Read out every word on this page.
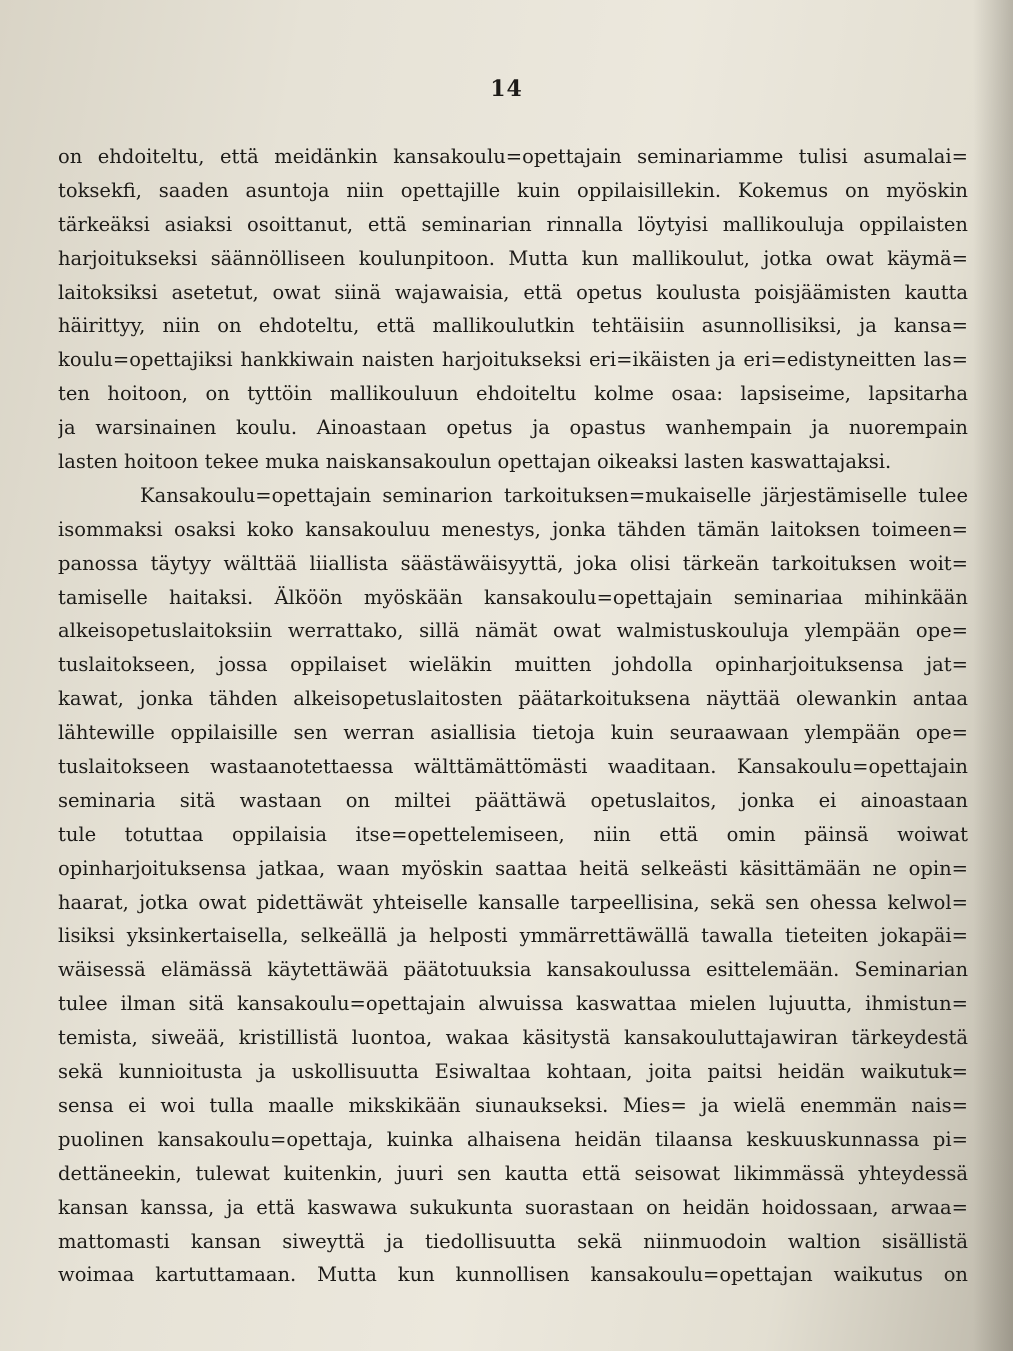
14
on ehdoiteltu, että meidänkin kansakoulu=opettajain seminariamme tulisi asumalai=
toksekfi, saaden asuntoja niin opettajille kuin oppilaisillekin. Kokemus on myöskin
tärkeäksi asiaksi osoittanut, että seminarian rinnalla löytyisi mallikouluja oppilaisten
harjoitukseksi säännölliseen koulunpitoon. Mutta kun mallikoulut, jotka owat käymä=
laitoksiksi asetetut, owat siinä wajawaisia, että opetus koulusta poisjäämisten kautta
häirittyy, niin on ehdoteltu, että mallikoulutkin tehtäisiin asunnollisiksi, ja kansa=
koulu=opettajiksi hankkiwain naisten harjoitukseksi eri=ikäisten ja eri=edistyneitten las=
ten hoitoon, on tyttöin mallikouluun ehdoiteltu kolme osaa: lapsiseime, lapsitarha
ja warsinainen koulu. Ainoastaan opetus ja opastus wanhempain ja nuorempain
lasten hoitoon tekee muka naiskansakoulun opettajan oikeaksi lasten kaswattajaksi.
Kansakoulu=opettajain seminarion tarkoituksen=mukaiselle järjestämiselle tulee
isommaksi osaksi koko kansakouluu menestys, jonka tähden tämän laitoksen toimeen=
panossa täytyy wälttää liiallista säästäwäisyyttä, joka olisi tärkeän tarkoituksen woit=
tamiselle haitaksi. Älköön myöskään kansakoulu=opettajain seminariaa mihinkään
alkeisopetuslaitoksiin werrattako, sillä nämät owat walmistuskouluja ylempään ope=
tuslaitokseen, jossa oppilaiset wieläkin muitten johdolla opinharjoituksensa jat=
kawat, jonka tähden alkeisopetuslaitosten päätarkoituksena näyttää olewankin antaa
lähtewille oppilaisille sen werran asiallisia tietoja kuin seuraawaan ylempään ope=
tuslaitokseen wastaanotettaessa wälttämättömästi waaditaan. Kansakoulu=opettajain
seminaria sitä wastaan on miltei päättäwä opetuslaitos, jonka ei ainoastaan
tule totuttaa oppilaisia itse=opettelemiseen, niin että omin päinsä woiwat
opinharjoituksensa jatkaa, waan myöskin saattaa heitä selkeästi käsittämään ne opin=
haarat, jotka owat pidettäwät yhteiselle kansalle tarpeellisina, sekä sen ohessa kelwol=
lisiksi yksinkertaisella, selkeällä ja helposti ymmärrettäwällä tawalla tieteiten jokapäi=
wäisessä elämässä käytettäwää päätotuuksia kansakoulussa esittelemään. Seminarian
tulee ilman sitä kansakoulu=opettajain alwuissa kaswattaa mielen lujuutta, ihmistun=
temista, siweää, kristillistä luontoa, wakaa käsitystä kansakouluttajawiran tärkeydestä
sekä kunnioitusta ja uskollisuutta Esiwaltaa kohtaan, joita paitsi heidän waikutuk=
sensa ei woi tulla maalle mikskikään siunaukseksi. Mies= ja wielä enemmän nais=
puolinen kansakoulu=opettaja, kuinka alhaisena heidän tilaansa keskuuskunnassa pi=
dettäneekin, tulewat kuitenkin, juuri sen kautta että seisowat likimmässä yhteydessä
kansan kanssa, ja että kaswawa sukukunta suorastaan on heidän hoidossaan, arwaa=
mattomasti kansan siweyttä ja tiedollisuutta sekä niinmuodoin waltion sisällistä
woimaa kartuttamaan. Mutta kun kunnollisen kansakoulu=opettajan waikutus on
